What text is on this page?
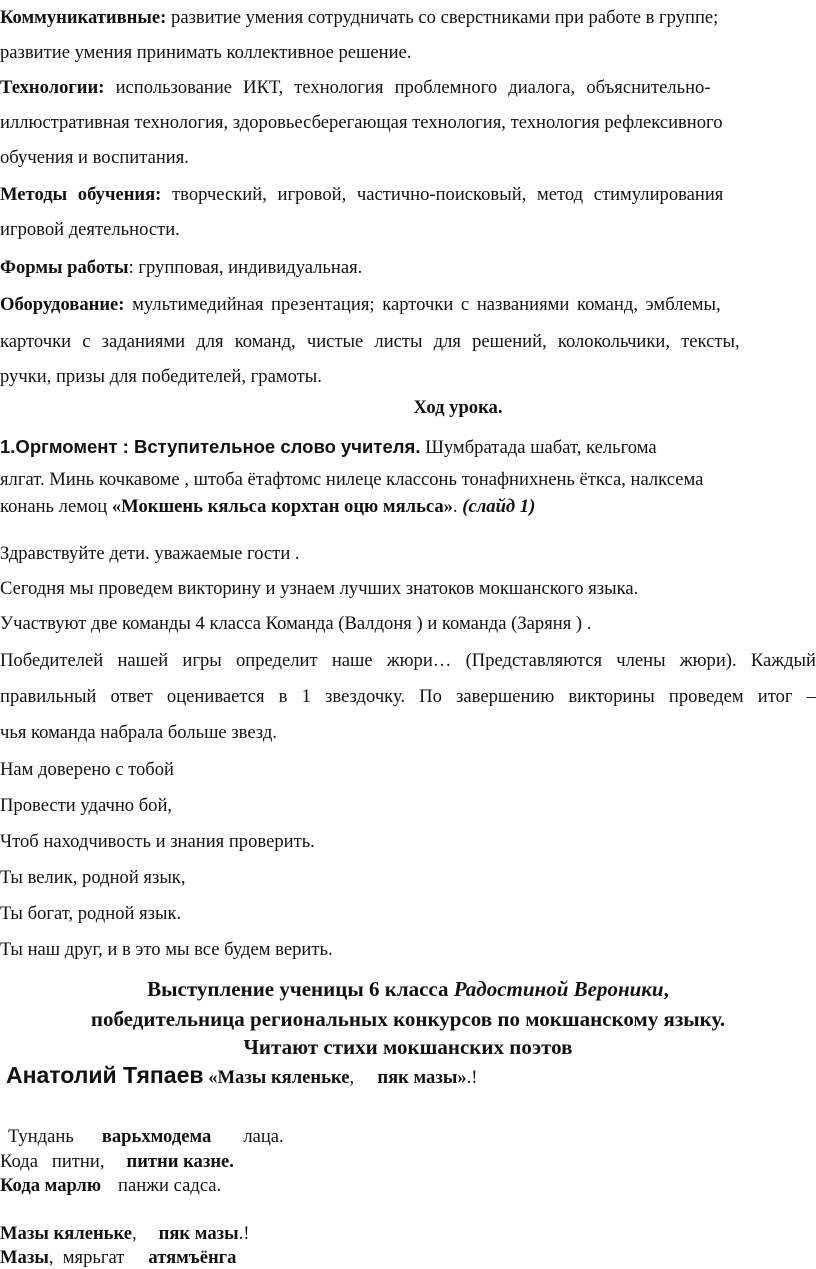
Коммуникативные: развитие умения сотрудничать со сверстниками при работе в группе;
развитие умения принимать коллективное решение.
Технологии: использование ИКТ, технология проблемного диалога, объяснительно-
иллюстративная технология, здоровьесберегающая технология, технология рефлексивного
обучения и воспитания.
Методы обучения: творческий, игровой, частично-поисковый, метод стимулирования
игровой деятельности.
Формы работы: групповая, индивидуальная.
Оборудование: мультимедийная презентация; карточки с названиями команд, эмблемы,
карточки с заданиями для команд, чистые листы для решений, колокольчики, тексты,
ручки, призы для победителей, грамоты.
Ход урока.
1.Оргмомент : Вступительное слово учителя. Шумбратада шабат, кельгома
ялгат. Минь кочкавоме , штоба ётафтомс нилеце классонь тонафнихнень ёткса, налксема
конань лемоц «Мокшень кяльса корхтан оцю мяльса». (слайд 1)
Здравствуйте дети. уважаемые гости .
Сегодня мы проведем викторину и узнаем лучших знатоков мокшанского языка.
Участвуют две команды 4 класса Команда (Валдоня ) и команда (Заряня ) .
Победителей нашей игры определит наше жюри… (Представляются члены жюри). Каждый
правильный ответ оценивается в 1 звездочку. По завершению викторины проведем итог –
чья команда набрала больше звезд.
Нам доверено с тобой
Провести удачно бой,
Чтоб находчивость и знания проверить.
Ты велик, родной язык,
Ты богат, родной язык.
Ты наш друг, и в это мы все будем верить.
Выступление ученицы 6 класса Радостиной Вероники,
победительница региональных конкурсов по мокшанскому языку.
Читают стихи мокшанских поэтов
Анатолий Тяпаев «Мазы кяленьке,     пяк мазы».!
Тундань варьхмодема лаца.
Кода   питни, питни казне.
Кода марлю панжи садса.
Мазы кяленьке, пяк мазы.!
Мазы,  мярьгат атямъёнга
